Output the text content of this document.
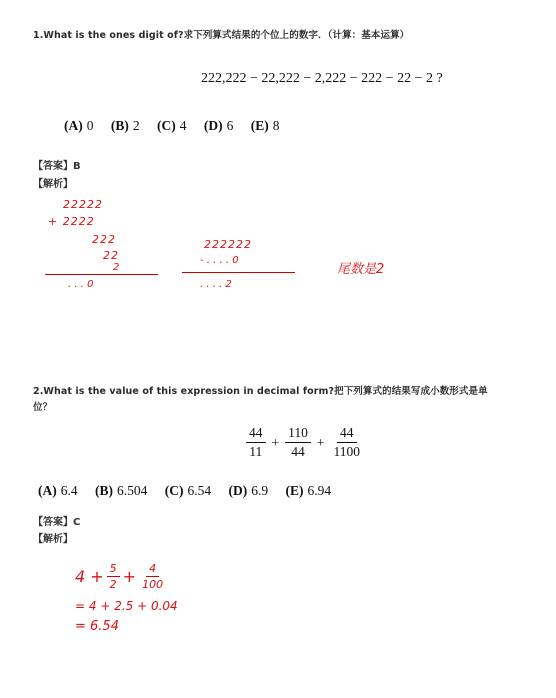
1.What is the ones digit of?求下列算式结果的个位上的数字．（计算：基本运算）
222,222 − 22,222 − 2,222 − 222 − 22 − 2 ?
(A) 0 (B) 2 (C) 4 (D) 6 (E) 8
【答案】B
【解析】
22222
+ 2222
222
22
2
. . . 0
222222
- . . . . 0
. . . . 2
尾数是2
2.What is the value of this expression in decimal form?把下列算式的结果写成小数形式是单
位？
$\frac{44}{11} + \frac{110}{44} + \frac{44}{1100}$
(A) 6.4 (B) 6.504 (C) 6.54 (D) 6.9 (E) 6.94
【答案】C
【解析】
$4 + \frac{5}{2} + \frac{4}{100}$
= 4 + 2.5 + 0.04
= 6.54
